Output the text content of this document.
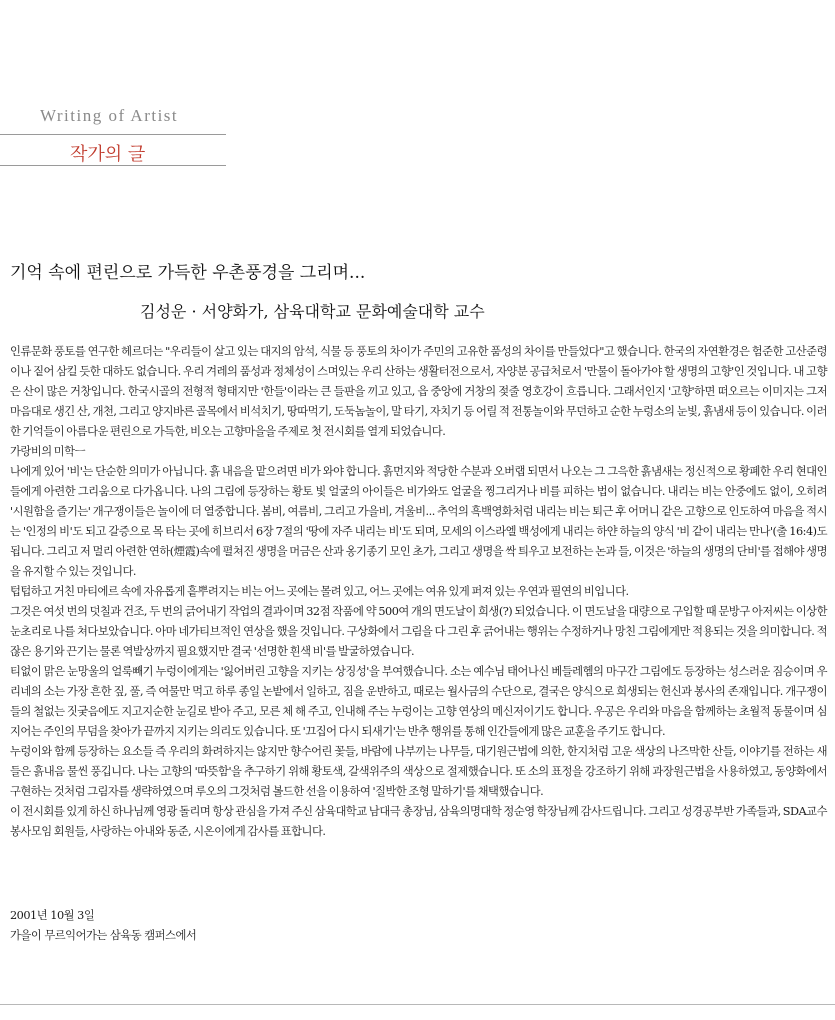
Writing of Artist
작가의 글
기억 속에 편린으로 가득한 우촌풍경을 그리며...
김성운 · 서양화가, 삼육대학교 문화예술대학 교수

인류문화 풍토를 연구한 헤르더는 "우리들이 살고 있는 대지의 암석, 식물 등 풍토의 차이가 주민의 고유한 품성의 차이를 만들었다"고 했습니다. 한국의 자연환경은 험준한 고산준령이나 짙어 삼킬 듯한 대하도 없습니다. 우리 겨레의 품성과 정체성이 스며있는 우리 산하는 생활터전으로서, 자양분 공급처로서 '만물이 돌아가야 할 생명의 고향'인 것입니다. 내 고향은 산이 많은 거창입니다. 한국시골의 전형적 형태지만 '한들'이라는 큰 들판을 끼고 있고, 읍 중앙에 거창의 젖줄 영호강이 흐릅니다. 그래서인지 '고향'하면 떠오르는 이미지는 그저 마음대로 생긴 산, 개천, 그리고 양지바른 골목에서 비석치기, 땅따먹기, 도둑놈놀이, 말 타기, 자치기 등 어릴 적 전통놀이와 무던하고 순한 누렁소의 눈빛, 흙냄새 등이 있습니다. 이러한 기억들이 아름다운 편린으로 가득한, 비오는 고향마을을 주제로 첫 전시회를 열게 되었습니다.

가랑비의 미학ㅡ

나에게 있어 '비'는 단순한 의미가 아닙니다. 흙 내음을 맡으려면 비가 와야 합니다. 흙먼지와 적당한 수분과 오버랩 되면서 나오는 그 그윽한 흙냄새는 정신적으로 황폐한 우리 현대인들에게 아련한 그리움으로 다가옵니다. 나의 그림에 등장하는 황토 빛 얼굴의 아이들은 비가와도 얼굴을 찡그리거나 비를 피하는 법이 없습니다. 내리는 비는 안중에도 없이, 오히려 '시원함을 즐기는' 개구쟁이들은 놀이에 더 열중합니다. 봄비, 여름비, 그리고 가을비, 겨울비... 추억의 흑백영화처럼 내리는 비는 퇴근 후 어머니 같은 고향으로 인도하여 마음을 적시는 '인정의 비'도 되고 갈증으로 목 타는 곳에 히브리서 6장 7절의 '땅에 자주 내리는 비'도 되며, 모세의 이스라엘 백성에게 내리는 하얀 하늘의 양식 '비 같이 내리는 만나'(출 16:4)도 됩니다. 그리고 저 멀리 아련한 연하(煙霞)속에 펼쳐진 생명을 머금은 산과 옹기종기 모인 초가, 그리고 생명을 싹 틔우고 보전하는 논과 들, 이것은 '하늘의 생명의 단비'를 접해야 생명을 유지할 수 있는 것입니다.

텁텁하고 거친 마티에르 속에 자유롭게 흩뿌려지는 비는 어느 곳에는 몰려 있고, 어느 곳에는 여유 있게 퍼져 있는 우연과 필연의 비입니다.

그것은 여섯 번의 덧칠과 건조, 두 번의 긁어내기 작업의 결과이며 32점 작품에 약 500여 개의 면도날이 희생(?) 되었습니다. 이 면도날을 대량으로 구입할 때 문방구 아저씨는 이상한 눈초리로 나를 쳐다보았습니다. 아마 네가티브적인 연상을 했을 것입니다. 구상화에서 그림을 다 그린 후 긁어내는 행위는 수정하거나 망친 그림에게만 적용되는 것을 의미합니다. 적잖은 용기와 끈기는 물론 역발상까지 필요했지만 결국 '선명한 흰색 비'를 발굴하였습니다.

티없이 맑은 눈망울의 얼룩빼기 누렁이에게는 '잃어버린 고향을 지키는 상징성'을 부여했습니다. 소는 예수님 태어나신 베들레헴의 마구간 그림에도 등장하는 성스러운 짐승이며 우리네의 소는 가장 흔한 짚, 풀, 즉 여물만 먹고 하루 종일 논밭에서 일하고, 짐을 운반하고, 때로는 월사금의 수단으로, 결국은 양식으로 희생되는 헌신과 봉사의 존재입니다. 개구쟁이들의 철없는 짓궂음에도 지고지순한 눈길로 받아 주고, 모른 체 해 주고, 인내해 주는 누렁이는 고향 연상의 메신저이기도 합니다. 우공은 우리와 마음을 함께하는 초월적 동물이며 심지어는 주인의 무덤을 찾아가 끝까지 지키는 의리도 있습니다. 또 '끄집어 다시 되새기'는 반추 행위를 통해 인간들에게 많은 교훈을 주기도 합니다.

누렁이와 함께 등장하는 요소들 즉 우리의 화려하지는 않지만 향수어린 꽃들, 바람에 나부끼는 나무들, 대기원근법에 의한, 한지처럼 고운 색상의 나즈막한 산들, 이야기를 전하는 새들은 흙내음 물씬 풍깁니다. 나는 고향의 '따뜻함'을 추구하기 위해 황토색, 갈색위주의 색상으로 절제했습니다. 또 소의 표정을 강조하기 위해 과장원근법을 사용하였고, 동양화에서 구현하는 것처럼 그림자를 생략하였으며 루오의 그것처럼 볼드한 선을 이용하여 '질박한 조형 말하기'를 채택했습니다.

이 전시회를 있게 하신 하나님께 영광 돌리며 항상 관심을 가져 주신 삼육대학교 남대극 총장님, 삼육의명대학 정순영 학장님께 감사드립니다. 그리고 성경공부반 가족들과, SDA교수봉사모임 회원들, 사랑하는 아내와 동준, 시온이에게 감사를 표합니다.

2001년 10월 3일

가을이 무르익어가는 삼육동 캠퍼스에서
